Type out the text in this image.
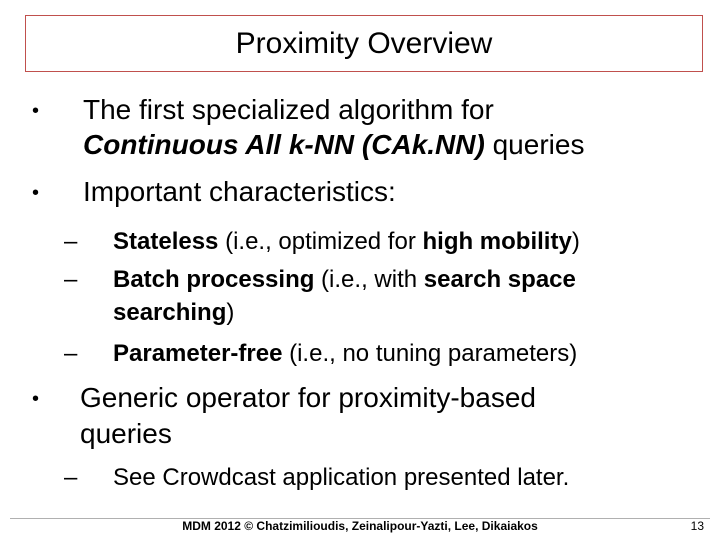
Proximity Overview
• The first specialized algorithm for
Continuous All k-NN (CAk.NN) queries
• Important characteristics:
– Stateless (i.e., optimized for high mobility)
– Batch processing (i.e., with search space
searching)
– Parameter-free (i.e., no tuning parameters)
• Generic operator for proximity-based
queries
– See Crowdcast application presented later.
MDM 2012 © Chatzimilioudis, Zeinalipour-Yazti, Lee, Dikaiakos	13
